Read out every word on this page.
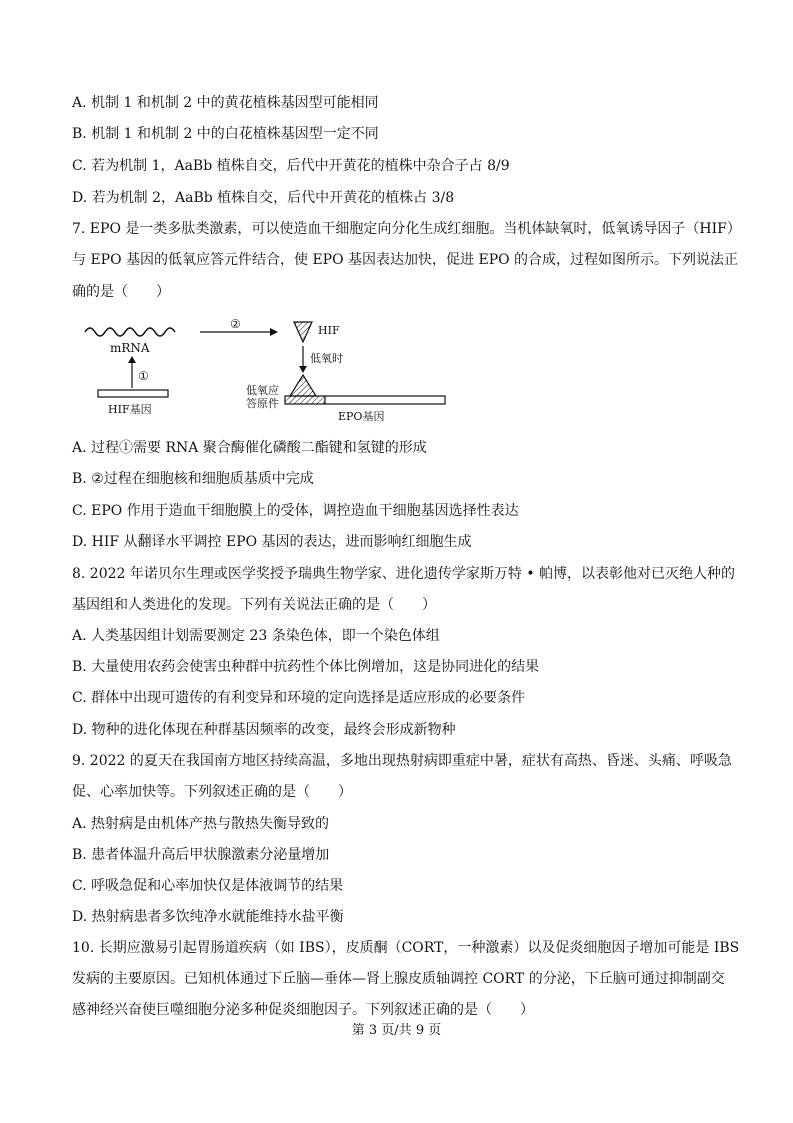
A. 机制 1 和机制 2 中的黄花植株基因型可能相同
B. 机制 1 和机制 2 中的白花植株基因型一定不同
C. 若为机制 1，AaBb 植株自交，后代中开黄花的植株中杂合子占 8/9
D. 若为机制 2，AaBb 植株自交，后代中开黄花的植株占 3/8
7. EPO 是一类多肽类激素，可以使造血干细胞定向分化生成红细胞。当机体缺氧时，低氧诱导因子（HIF）
与 EPO 基因的低氧应答元件结合，使 EPO 基因表达加快，促进 EPO 的合成，过程如图所示。下列说法正
确的是（　　）
mRNA
①
HIF基因
②	HIF
低氧时
低氧应
答原件
EPO基因
A. 过程①需要 RNA 聚合酶催化磷酸二酯键和氢键的形成
B. ②过程在细胞核和细胞质基质中完成
C. EPO 作用于造血干细胞膜上的受体，调控造血干细胞基因选择性表达
D. HIF 从翻译水平调控 EPO 基因的表达，进而影响红细胞生成
8. 2022 年诺贝尔生理或医学奖授予瑞典生物学家、进化遗传学家斯万特 • 帕博，以表彰他对已灭绝人种的
基因组和人类进化的发现。下列有关说法正确的是（　　）
A. 人类基因组计划需要测定 23 条染色体，即一个染色体组
B. 大量使用农药会使害虫种群中抗药性个体比例增加，这是协同进化的结果
C. 群体中出现可遗传的有利变异和环境的定向选择是适应形成的必要条件
D. 物种的进化体现在种群基因频率的改变，最终会形成新物种
9. 2022 的夏天在我国南方地区持续高温，多地出现热射病即重症中暑，症状有高热、昏迷、头痛、呼吸急
促、心率加快等。下列叙述正确的是（　　）
A. 热射病是由机体产热与散热失衡导致的
B. 患者体温升高后甲状腺激素分泌量增加
C. 呼吸急促和心率加快仅是体液调节的结果
D. 热射病患者多饮纯净水就能维持水盐平衡
10. 长期应激易引起胃肠道疾病（如 IBS），皮质酮（CORT，一种激素）以及促炎细胞因子增加可能是 IBS
发病的主要原因。已知机体通过下丘脑—垂体—肾上腺皮质轴调控 CORT 的分泌，下丘脑可通过抑制副交
感神经兴奋使巨噬细胞分泌多种促炎细胞因子。下列叙述正确的是（　　）
第 3 页/共 9 页
